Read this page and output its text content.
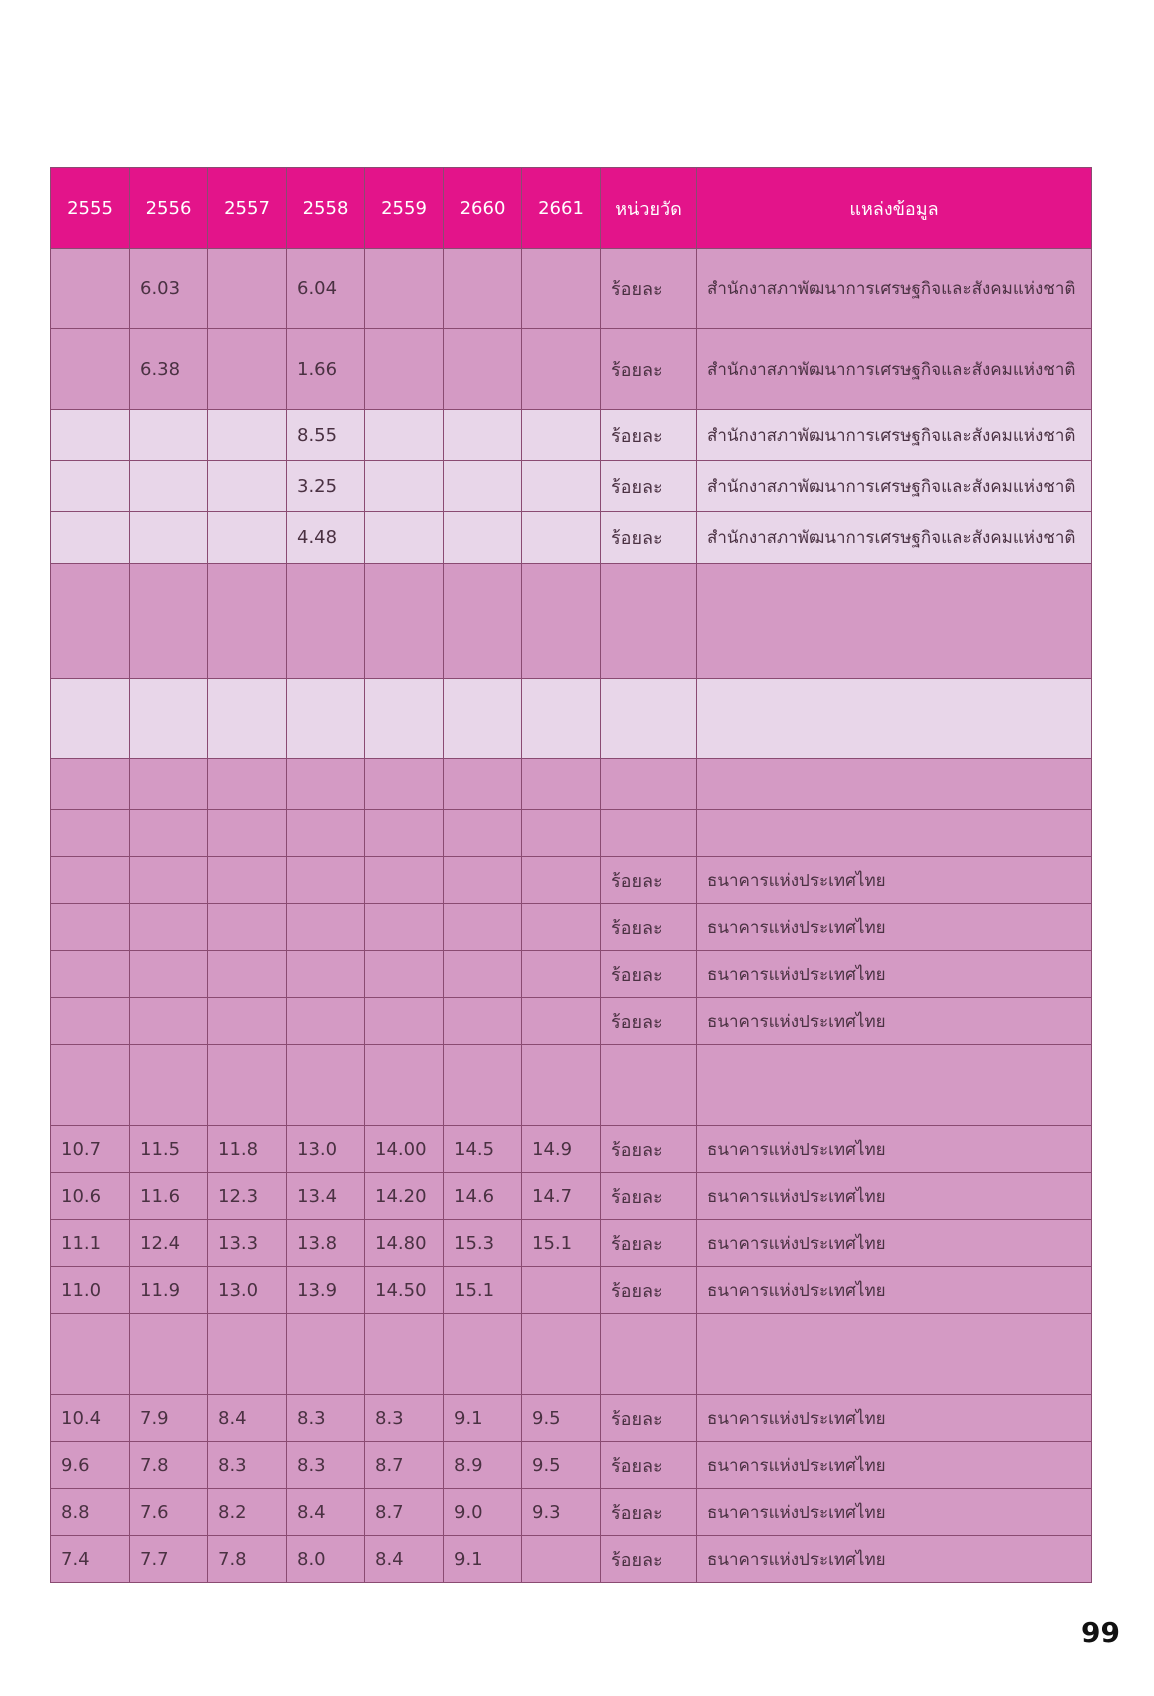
2555	2556	2557	2558	2559	2660	2661	หน่วยวัด	แหล่งข้อมูล
	6.03		6.04				ร้อยละ	สำนักงาสภาพัฒนาการเศรษฐกิจและสังคมแห่งชาติ
	6.38		1.66				ร้อยละ	สำนักงาสภาพัฒนาการเศรษฐกิจและสังคมแห่งชาติ
			8.55				ร้อยละ	สำนักงาสภาพัฒนาการเศรษฐกิจและสังคมแห่งชาติ
			3.25				ร้อยละ	สำนักงาสภาพัฒนาการเศรษฐกิจและสังคมแห่งชาติ
			4.48				ร้อยละ	สำนักงาสภาพัฒนาการเศรษฐกิจและสังคมแห่งชาติ

							ร้อยละ	ธนาคารแห่งประเทศไทย
							ร้อยละ	ธนาคารแห่งประเทศไทย
							ร้อยละ	ธนาคารแห่งประเทศไทย
							ร้อยละ	ธนาคารแห่งประเทศไทย

10.7	11.5	11.8	13.0	14.00	14.5	14.9	ร้อยละ	ธนาคารแห่งประเทศไทย
10.6	11.6	12.3	13.4	14.20	14.6	14.7	ร้อยละ	ธนาคารแห่งประเทศไทย
11.1	12.4	13.3	13.8	14.80	15.3	15.1	ร้อยละ	ธนาคารแห่งประเทศไทย
11.0	11.9	13.0	13.9	14.50	15.1		ร้อยละ	ธนาคารแห่งประเทศไทย

10.4	7.9	8.4	8.3	8.3	9.1	9.5	ร้อยละ	ธนาคารแห่งประเทศไทย
9.6	7.8	8.3	8.3	8.7	8.9	9.5	ร้อยละ	ธนาคารแห่งประเทศไทย
8.8	7.6	8.2	8.4	8.7	9.0	9.3	ร้อยละ	ธนาคารแห่งประเทศไทย
7.4	7.7	7.8	8.0	8.4	9.1		ร้อยละ	ธนาคารแห่งประเทศไทย
99
